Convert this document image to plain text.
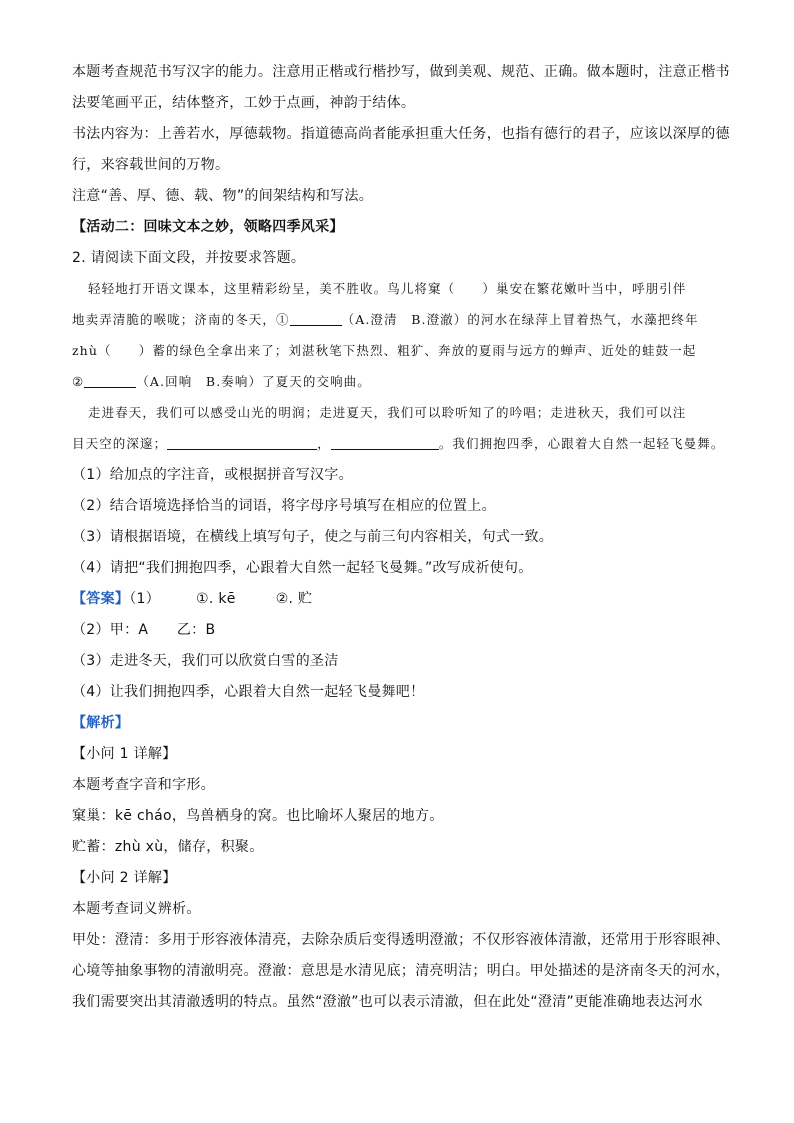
本题考查规范书写汉字的能力。注意用正楷或行楷抄写，做到美观、规范、正确。做本题时，注意正楷书
法要笔画平正，结体整齐，工妙于点画，神韵于结体。
书法内容为：上善若水，厚德载物。指道德高尚者能承担重大任务，也指有德行的君子，应该以深厚的德
行，来容载世间的万物。
注意“善、厚、德、载、物”的间架结构和写法。
【活动二：回味文本之妙，领略四季风采】
2. 请阅读下面文段，并按要求答题。
轻轻地打开语文课本，这里精彩纷呈，美不胜收。鸟儿将窠（　　）巢安在繁花嫩叶当中，呼朋引伴
地卖弄清脆的喉咙；济南的冬天，①	（A.澄清　B.澄澈）的河水在绿萍上冒着热气，水藻把终年
zhù（　　）蓄的绿色全拿出来了；刘湛秋笔下热烈、粗犷、奔放的夏雨与远方的蝉声、近处的蛙鼓一起
②	（A.回响　B.奏响）了夏天的交响曲。
走进春天，我们可以感受山光的明润；走进夏天，我们可以聆听知了的吟唱；走进秋天，我们可以注
目天空的深邃；	，	。我们拥抱四季，心跟着大自然一起轻飞曼舞。
（1）给加点的字注音，或根据拼音写汉字。
（2）结合语境选择恰当的词语，将字母序号填写在相应的位置上。
（3）请根据语境，在横线上填写句子，使之与前三句内容相关，句式一致。
（4）请把“我们拥抱四季，心跟着大自然一起轻飞曼舞。”改写成祈使句。
【答案】（1）	①. kē	②. 贮
（2）甲：A　　乙：B
（3）走进冬天，我们可以欣赏白雪的圣洁
（4）让我们拥抱四季，心跟着大自然一起轻飞曼舞吧！
【解析】
【小问 1 详解】
本题考查字音和字形。
窠巢：kē cháo，鸟兽栖身的窝。也比喻坏人聚居的地方。
贮蓄：zhù xù，储存，积聚。
【小问 2 详解】
本题考查词义辨析。
甲处：澄清：多用于形容液体清亮，去除杂质后变得透明澄澈；不仅形容液体清澈，还常用于形容眼神、
心境等抽象事物的清澈明亮。澄澈：意思是水清见底；清亮明洁；明白。甲处描述的是济南冬天的河水，
我们需要突出其清澈透明的特点。虽然“澄澈”也可以表示清澈，但在此处“澄清”更能准确地表达河水
